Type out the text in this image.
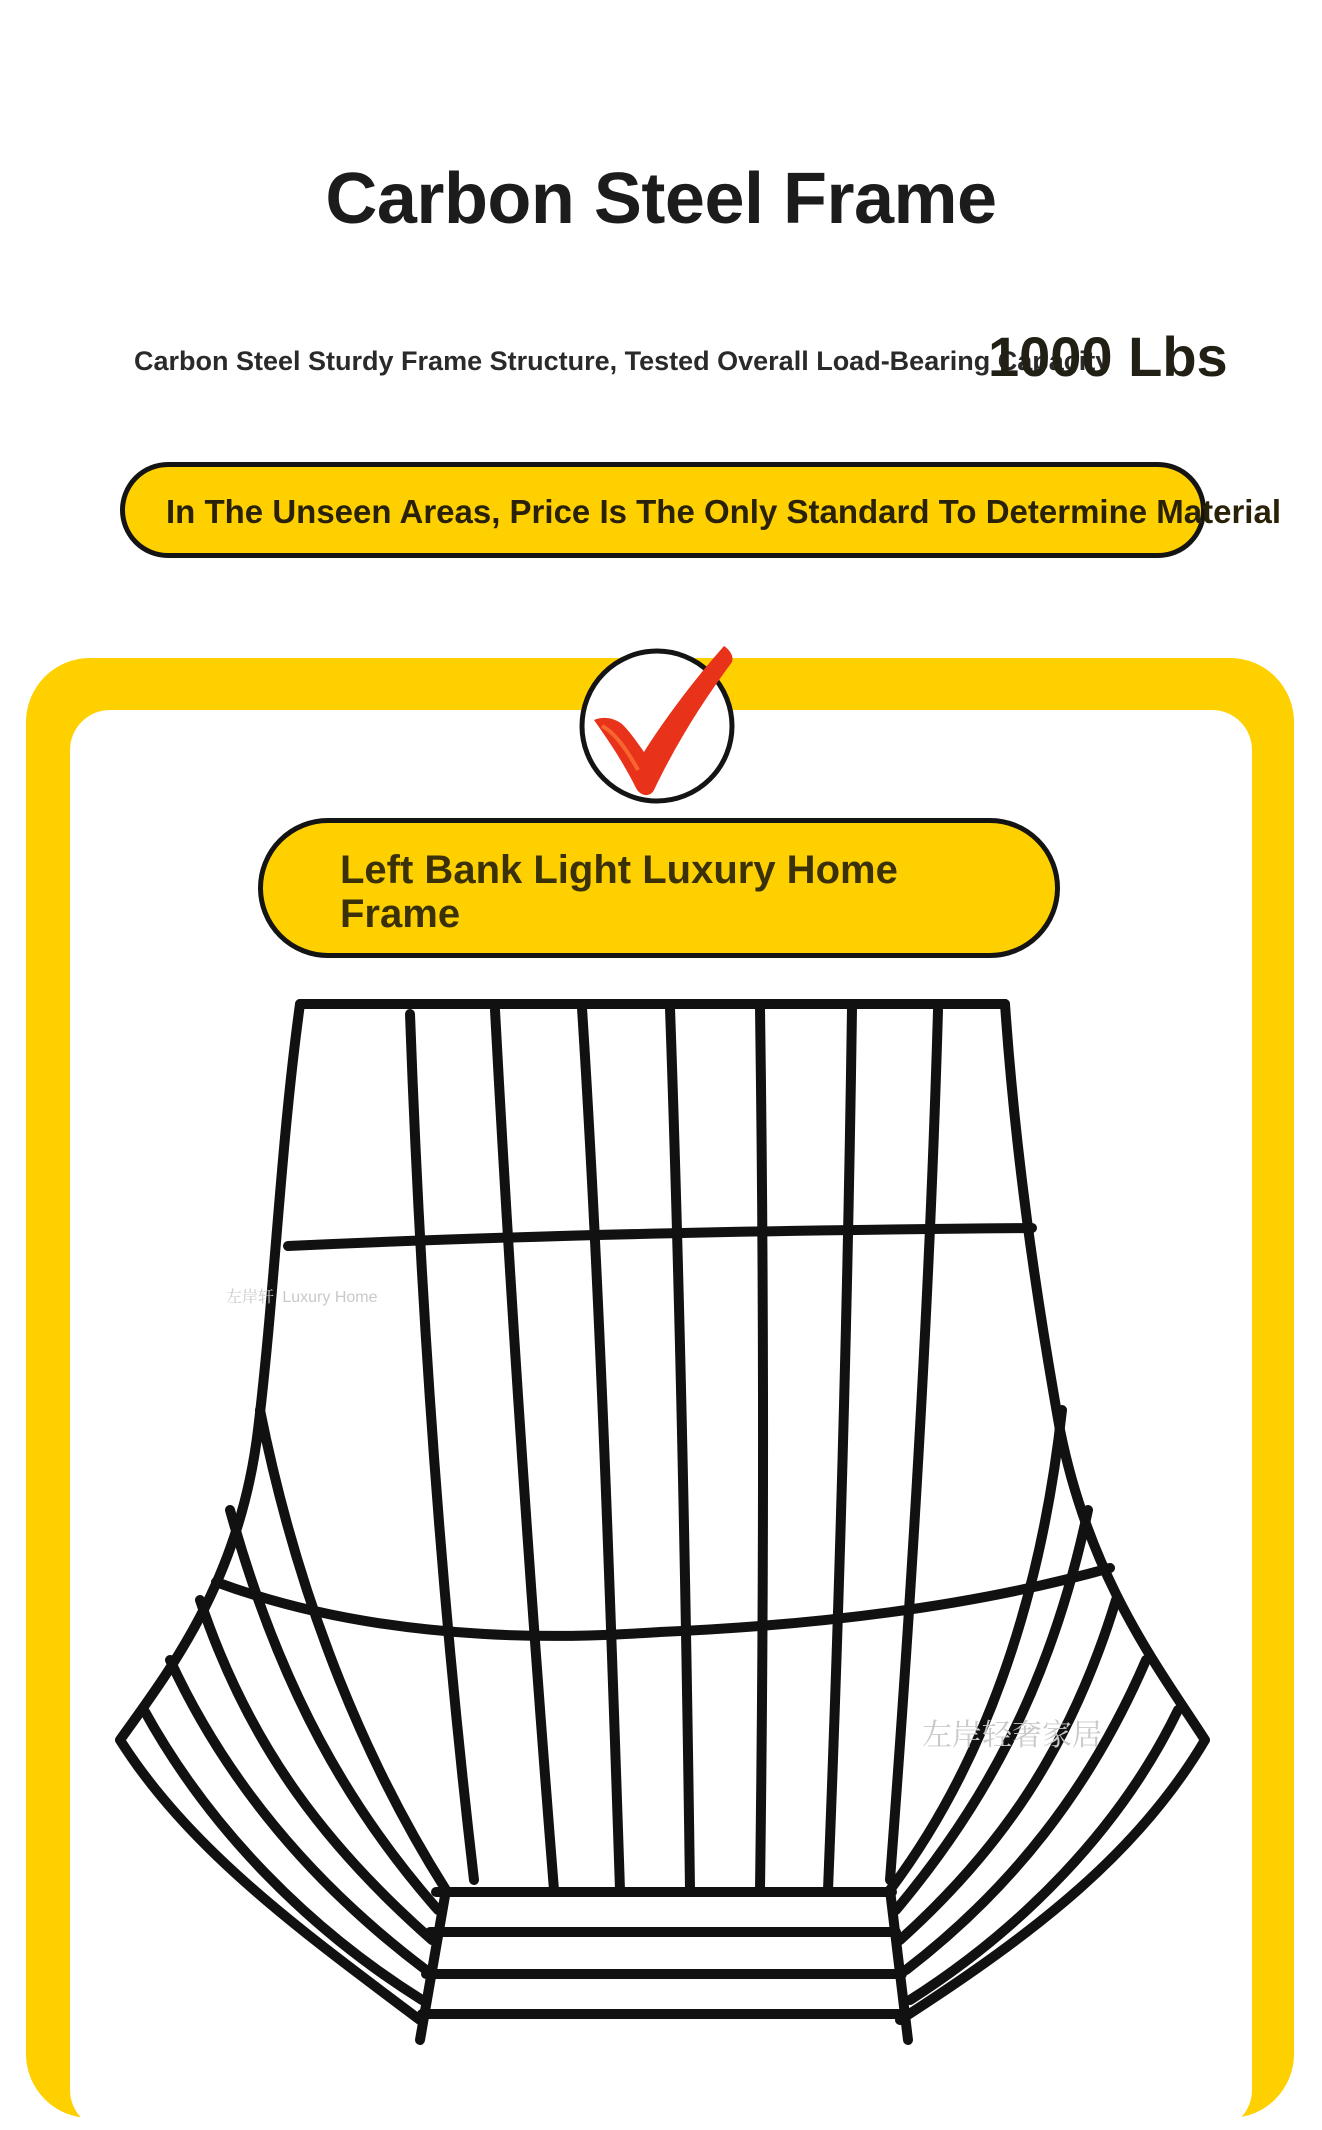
Carbon Steel Frame
Carbon Steel Sturdy Frame Structure, Tested Overall Load-Bearing Capacity
1000 Lbs
In The Unseen Areas, Price Is The Only Standard To Determine Material
Left Bank Light Luxury Home Frame
左岸轩 Luxury Home
左岸轻奢家居
